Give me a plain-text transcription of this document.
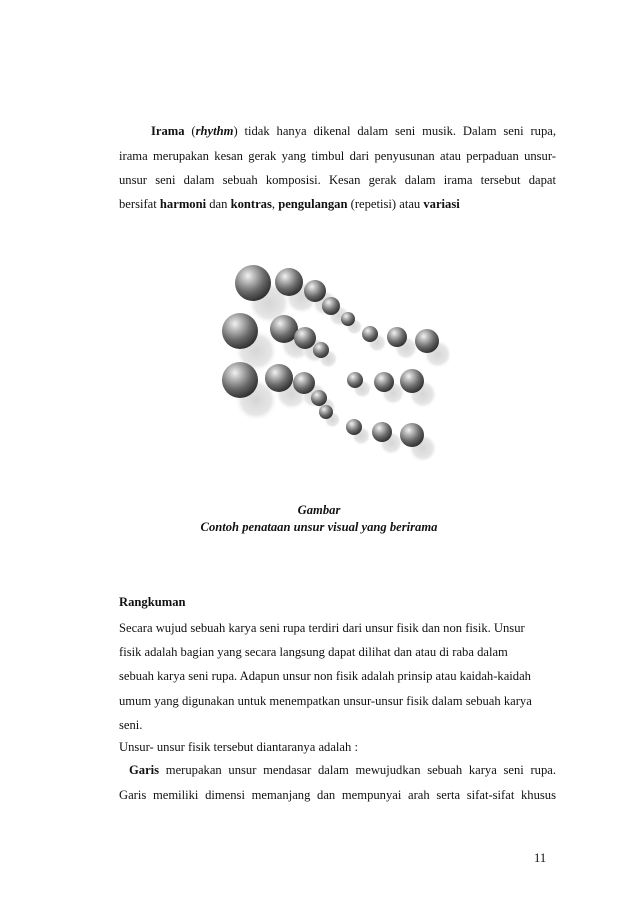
Irama (rhythm) tidak hanya dikenal dalam seni musik. Dalam seni rupa,
irama merupakan kesan gerak yang timbul dari penyusunan atau perpaduan unsur-
unsur seni dalam sebuah komposisi. Kesan gerak dalam irama tersebut dapat
bersifat harmoni dan kontras, pengulangan (repetisi) atau variasi
Gambar
Contoh penataan unsur visual yang berirama
Rangkuman
Secara wujud sebuah karya seni rupa terdiri dari unsur fisik dan non fisik. Unsur
fisik adalah bagian yang secara langsung dapat dilihat dan atau di raba dalam
sebuah karya seni rupa. Adapun unsur non fisik adalah prinsip atau kaidah-kaidah
umum yang digunakan untuk menempatkan unsur-unsur fisik dalam sebuah karya
seni.
Unsur- unsur fisik tersebut diantaranya adalah :
Garis merupakan unsur mendasar dalam mewujudkan sebuah karya seni rupa.
Garis memiliki dimensi memanjang dan mempunyai arah serta sifat-sifat khusus
11
